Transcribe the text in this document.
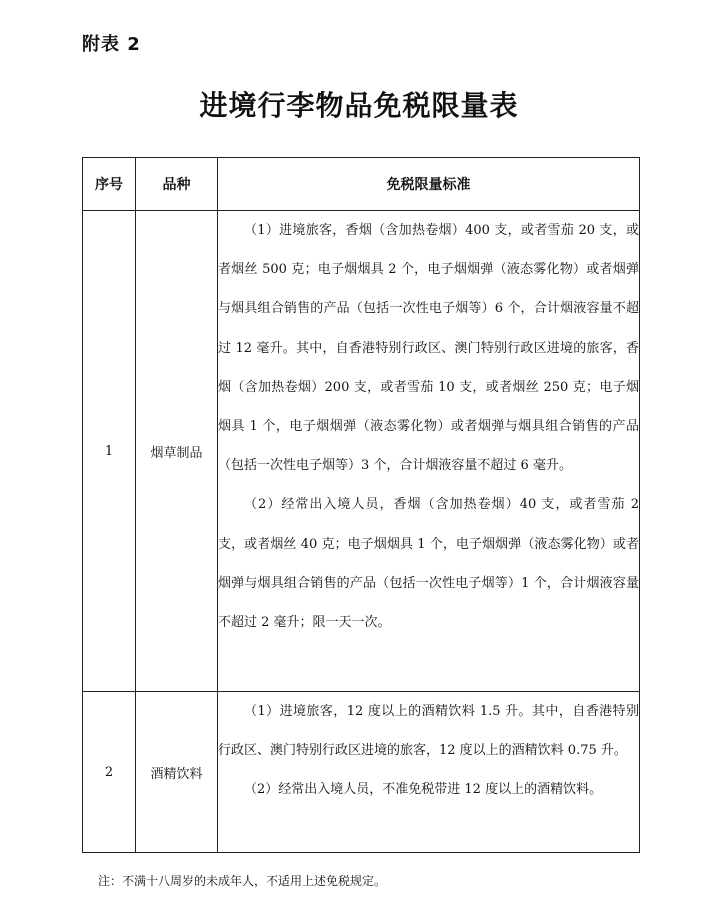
附表 2
进境行李物品免税限量表
序号	品种	免税限量标准
1	烟草制品	（1）进境旅客，香烟（含加热卷烟）400 支，或者雪茄 20 支，或者烟丝 500 克；电子烟烟具 2 个，电子烟烟弹（液态雾化物）或者烟弹与烟具组合销售的产品（包括一次性电子烟等）6 个，合计烟液容量不超过 12 毫升。其中，自香港特别行政区、澳门特别行政区进境的旅客，香烟（含加热卷烟）200 支，或者雪茄 10 支，或者烟丝 250 克；电子烟烟具 1 个，电子烟烟弹（液态雾化物）或者烟弹与烟具组合销售的产品（包括一次性电子烟等）3 个，合计烟液容量不超过 6 毫升。

（2）经常出入境人员，香烟（含加热卷烟）40 支，或者雪茄 2 支，或者烟丝 40 克；电子烟烟具 1 个，电子烟烟弹（液态雾化物）或者烟弹与烟具组合销售的产品（包括一次性电子烟等）1 个，合计烟液容量不超过 2 毫升；限一天一次。

2	酒精饮料	（1）进境旅客，12 度以上的酒精饮料 1.5 升。其中，自香港特别行政区、澳门特别行政区进境的旅客，12 度以上的酒精饮料 0.75 升。

（2）经常出入境人员，不准免税带进 12 度以上的酒精饮料。

注：不满十八周岁的未成年人，不适用上述免税规定。
